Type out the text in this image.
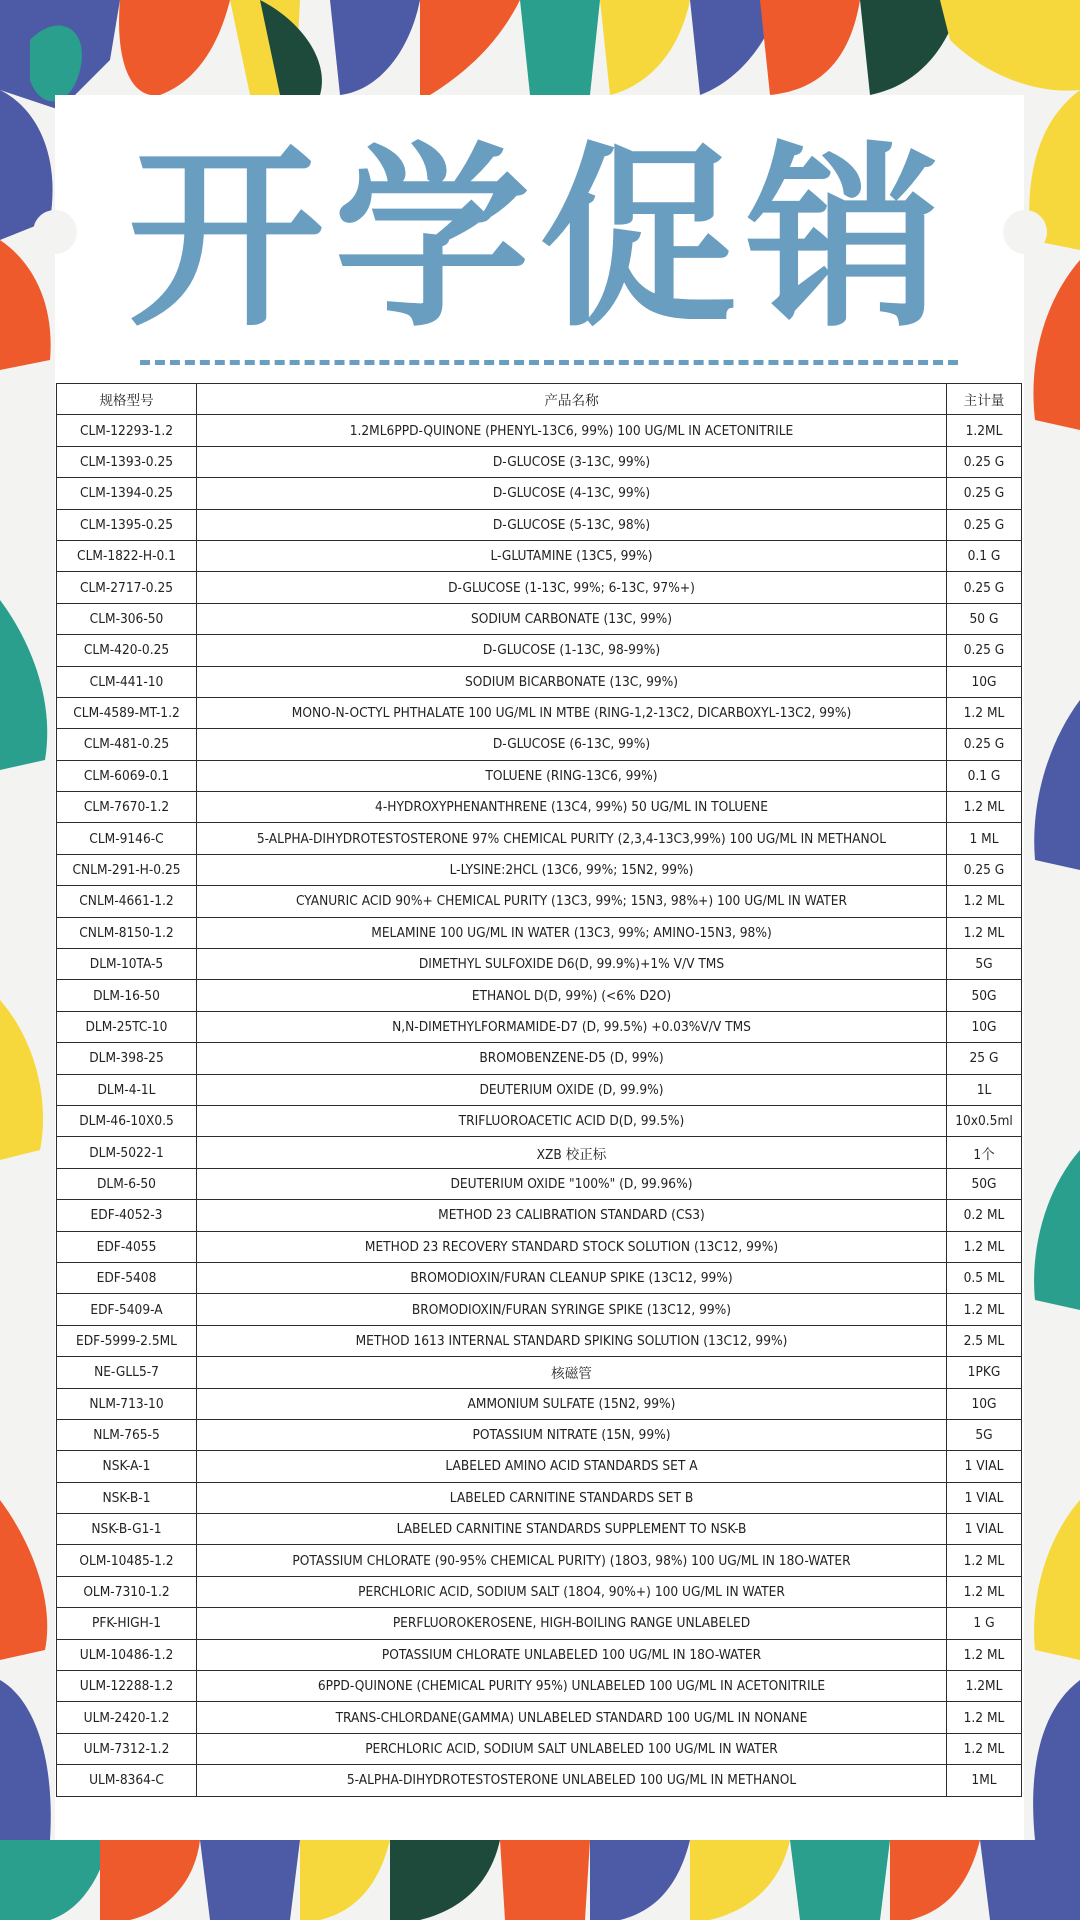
开学促销
规格型号	产品名称	主计量
CLM-12293-1.2	1.2ML6PPD-QUINONE (PHENYL-13C6, 99%) 100 UG/ML IN ACETONITRILE	1.2ML
CLM-1393-0.25	D-GLUCOSE (3-13C, 99%)	0.25 G
CLM-1394-0.25	D-GLUCOSE (4-13C, 99%)	0.25 G
CLM-1395-0.25	D-GLUCOSE (5-13C, 98%)	0.25 G
CLM-1822-H-0.1	L-GLUTAMINE (13C5, 99%)	0.1 G
CLM-2717-0.25	D-GLUCOSE (1-13C, 99%; 6-13C, 97%+)	0.25 G
CLM-306-50	SODIUM CARBONATE (13C, 99%)	50 G
CLM-420-0.25	D-GLUCOSE (1-13C, 98-99%)	0.25 G
CLM-441-10	SODIUM BICARBONATE (13C, 99%)	10G
CLM-4589-MT-1.2	MONO-N-OCTYL PHTHALATE 100 UG/ML IN MTBE (RING-1,2-13C2, DICARBOXYL-13C2, 99%)	1.2 ML
CLM-481-0.25	D-GLUCOSE (6-13C, 99%)	0.25 G
CLM-6069-0.1	TOLUENE (RING-13C6, 99%)	0.1 G
CLM-7670-1.2	4-HYDROXYPHENANTHRENE (13C4, 99%) 50 UG/ML IN TOLUENE	1.2 ML
CLM-9146-C	5-ALPHA-DIHYDROTESTOSTERONE 97% CHEMICAL PURITY (2,3,4-13C3,99%) 100 UG/ML IN METHANOL	1 ML
CNLM-291-H-0.25	L-LYSINE:2HCL (13C6, 99%; 15N2, 99%)	0.25 G
CNLM-4661-1.2	CYANURIC ACID 90%+ CHEMICAL PURITY (13C3, 99%; 15N3, 98%+) 100 UG/ML IN WATER	1.2 ML
CNLM-8150-1.2	MELAMINE 100 UG/ML IN WATER (13C3, 99%; AMINO-15N3, 98%)	1.2 ML
DLM-10TA-5	DIMETHYL SULFOXIDE D6(D, 99.9%)+1% V/V TMS	5G
DLM-16-50	ETHANOL D(D, 99%) (<6% D2O)	50G
DLM-25TC-10	N,N-DIMETHYLFORMAMIDE-D7 (D, 99.5%) +0.03%V/V TMS	10G
DLM-398-25	BROMOBENZENE-D5 (D, 99%)	25 G
DLM-4-1L	DEUTERIUM OXIDE (D, 99.9%)	1L
DLM-46-10X0.5	TRIFLUOROACETIC ACID D(D, 99.5%)	10x0.5ml
DLM-5022-1	XZB 校正标	1个
DLM-6-50	DEUTERIUM OXIDE "100%" (D, 99.96%)	50G
EDF-4052-3	METHOD 23 CALIBRATION STANDARD (CS3)	0.2 ML
EDF-4055	METHOD 23 RECOVERY STANDARD STOCK SOLUTION (13C12, 99%)	1.2 ML
EDF-5408	BROMODIOXIN/FURAN CLEANUP SPIKE (13C12, 99%)	0.5 ML
EDF-5409-A	BROMODIOXIN/FURAN SYRINGE SPIKE (13C12, 99%)	1.2 ML
EDF-5999-2.5ML	METHOD 1613 INTERNAL STANDARD SPIKING SOLUTION (13C12, 99%)	2.5 ML
NE-GLL5-7	核磁管	1PKG
NLM-713-10	AMMONIUM SULFATE (15N2, 99%)	10G
NLM-765-5	POTASSIUM NITRATE (15N, 99%)	5G
NSK-A-1	LABELED AMINO ACID STANDARDS SET A	1 VIAL
NSK-B-1	LABELED CARNITINE STANDARDS SET B	1 VIAL
NSK-B-G1-1	LABELED CARNITINE STANDARDS SUPPLEMENT TO NSK-B	1 VIAL
OLM-10485-1.2	POTASSIUM CHLORATE (90-95% CHEMICAL PURITY) (18O3, 98%) 100 UG/ML IN 18O-WATER	1.2 ML
OLM-7310-1.2	PERCHLORIC ACID, SODIUM SALT (18O4, 90%+) 100 UG/ML IN WATER	1.2 ML
PFK-HIGH-1	PERFLUOROKEROSENE, HIGH-BOILING RANGE UNLABELED	1 G
ULM-10486-1.2	POTASSIUM CHLORATE UNLABELED 100 UG/ML IN 18O-WATER	1.2 ML
ULM-12288-1.2	6PPD-QUINONE (CHEMICAL PURITY 95%) UNLABELED 100 UG/ML IN ACETONITRILE	1.2ML
ULM-2420-1.2	TRANS-CHLORDANE(GAMMA) UNLABELED STANDARD 100 UG/ML IN NONANE	1.2 ML
ULM-7312-1.2	PERCHLORIC ACID, SODIUM SALT UNLABELED 100 UG/ML IN WATER	1.2 ML
ULM-8364-C	5-ALPHA-DIHYDROTESTOSTERONE UNLABELED 100 UG/ML IN METHANOL	1ML
